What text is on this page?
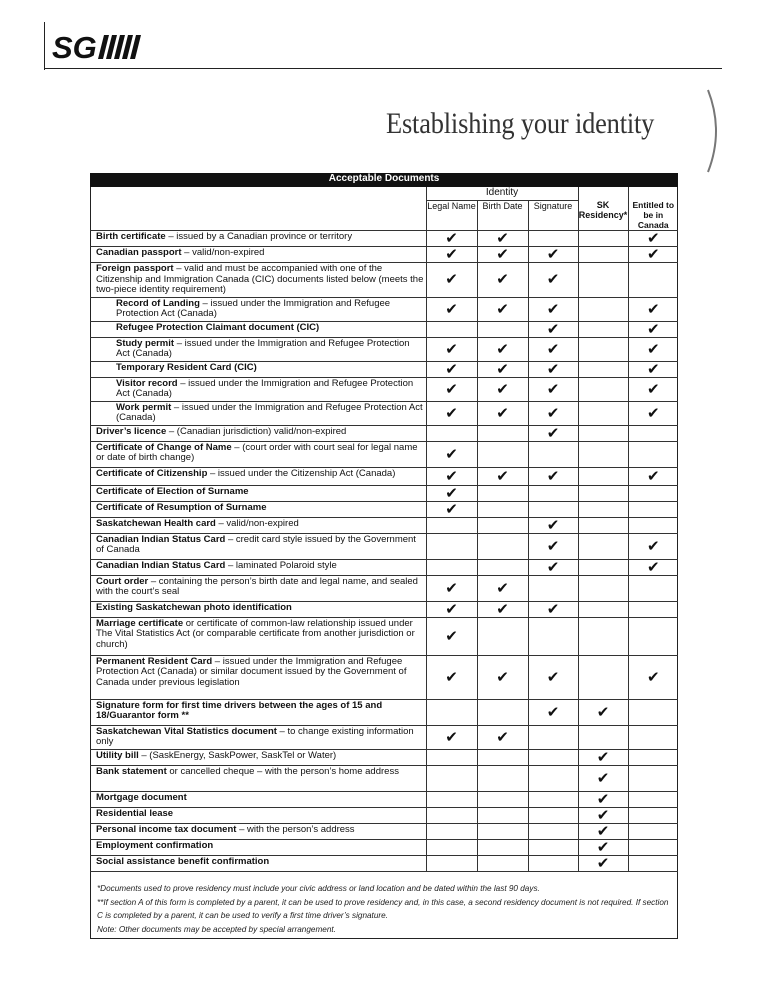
SG
Establishing your identity
Acceptable Documents					
	Identity				
	Legal Name	Birth Date	Signature	SK Residency*	Entitled to be in Canada
Birth certificate – issued by a Canadian province or territory	✔	✔			✔
Canadian passport – valid/non-expired	✔	✔	✔		✔
Foreign passport – valid and must be accompanied with one of the Citizenship and Immigration Canada (CIC) documents listed below (meets the two-piece identity requirement)	✔	✔	✔		
Record of Landing – issued under the Immigration and Refugee Protection Act (Canada)	✔	✔	✔		✔
Refugee Protection Claimant document (CIC)			✔		✔
Study permit – issued under the Immigration and Refugee Protection Act (Canada)	✔	✔	✔		✔
Temporary Resident Card (CIC)	✔	✔	✔		✔
Visitor record – issued under the Immigration and Refugee Protection Act (Canada)	✔	✔	✔		✔
Work permit – issued under the Immigration and Refugee Protection Act (Canada)	✔	✔	✔		✔
Driver’s licence – (Canadian jurisdiction) valid/non-expired			✔		
Certificate of Change of Name – (court order with court seal for legal name or date of birth change)	✔				
Certificate of Citizenship – issued under the Citizenship Act (Canada)	✔	✔	✔		✔
Certificate of Election of Surname	✔				
Certificate of Resumption of Surname	✔				
Saskatchewan Health card – valid/non-expired			✔		
Canadian Indian Status Card – credit card style issued by the Government of Canada			✔		✔
Canadian Indian Status Card – laminated Polaroid style			✔		✔
Court order – containing the person’s birth date and legal name, and sealed with the court’s seal	✔	✔			
Existing Saskatchewan photo identification	✔	✔	✔		
Marriage certificate or certificate of common-law relationship issued under The Vital Statistics Act (or comparable certificate from another jurisdiction or church)	✔				
Permanent Resident Card – issued under the Immigration and Refugee Protection Act (Canada) or similar document issued by the Government of Canada under previous legislation	✔	✔	✔		✔
Signature form for first time drivers between the ages of 15 and 18/Guarantor form **			✔	✔	
Saskatchewan Vital Statistics document – to change existing information only	✔	✔			
Utility bill – (SaskEnergy, SaskPower, SaskTel or Water)				✔	
Bank statement or cancelled cheque – with the person’s home address				✔	
Mortgage document				✔	
Residential lease				✔	
Personal income tax document – with the person’s address				✔	
Employment confirmation				✔	
Social assistance benefit confirmation				✔	
*Documents used to prove residency must include your civic address or land location and be dated within the last 90 days.
**If section A of this form is completed by a parent, it can be used to prove residency and, in this case, a second residency document is not required. If section C is completed by a parent, it can be used to verify a first time driver’s signature.
Note: Other documents may be accepted by special arrangement.
